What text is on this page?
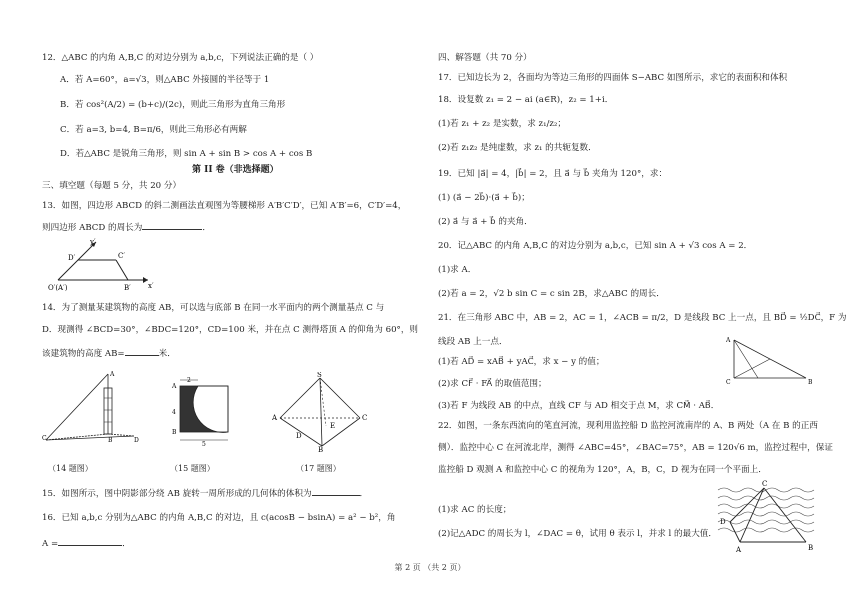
12．△ABC 的内角 A,B,C 的对边分别为 a,b,c，下列说法正确的是（ ）
A．若 A=60°，a=√3，则△ABC 外接圆的半径等于 1
B．若 cos²(A/2) = (b+c)/(2c)，则此三角形为直角三角形
C．若 a=3, b=4, B=π/6，则此三角形必有两解
D．若△ABC 是锐角三角形，则 sin A + sin B > cos A + cos B
第 II 卷（非选择题）
三、填空题（每题 5 分，共 20 分）
13．如图，四边形 ABCD 的斜二测画法直观图为等腰梯形 A′B′C′D′，已知 A′B′=6，C′D′=4，
则四边形 ABCD 的周长为	．
14．为了测量某建筑物的高度 AB，可以选与底部 B 在同一水平面内的两个测量基点 C 与
D．现测得 ∠BCD=30°，∠BDC=120°，CD=100 米，并在点 C 测得塔顶 A 的仰角为 60°，则
该建筑物的高度 AB=	米．
15．如图所示，图中阴影部分绕 AB 旋转一周所形成的几何体的体积为	．
16．已知 a,b,c 分别为△ABC 的内角 A,B,C 的对边，且 c(acosB − bsinA) = a² − b²，角
A =	．
y′
D′	C′
O′(A′)	B′ x′
A
B
C	D
2
4
5
A
B
S
A	C
B
D
E
（14 题图）	（15 题图）	（17 题图）
四、解答题（共 70 分）
17．已知边长为 2，各面均为等边三角形的四面体 S−ABC 如图所示，求它的表面积和体积
18．设复数 z₁ = 2 − ai (a∈R)，z₂ = 1+i．
(1)若 z₁ + z₂ 是实数，求 z₁/z₂；
(2)若 z₁z₂ 是纯虚数，求 z₁ 的共轭复数．
19．已知 |a⃗| = 4，|b⃗| = 2，且 a⃗ 与 b⃗ 夹角为 120°，求：
(1) (a⃗ − 2b⃗)·(a⃗ + b⃗)；
(2) a⃗ 与 a⃗ + b⃗ 的夹角．
20．记△ABC 的内角 A,B,C 的对边分别为 a,b,c，已知 sin A + √3 cos A = 2．
(1)求 A．
(2)若 a = 2，√2 b sin C = c sin 2B，求△ABC 的周长．
21．在三角形 ABC 中，AB = 2，AC = 1，∠ACB = π/2，D 是线段 BC 上一点，且 BD⃗ = ½DC⃗，F 为
线段 AB 上一点．
(1)若 AD⃗ = xAB⃗ + yAC⃗，求 x − y 的值；
(2)求 CF⃗ · FA⃗ 的取值范围；
(3)若 F 为线段 AB 的中点，直线 CF 与 AD 相交于点 M，求 CM⃗ · AB⃗．
22．如图，一条东西流向的笔直河流，现利用监控船 D 监控河流南岸的 A、B 两处（A 在 B 的正西
侧）．监控中心 C 在河流北岸，测得 ∠ABC=45°，∠BAC=75°，AB = 120√6 m，监控过程中，保证
监控船 D 观测 A 和监控中心 C 的视角为 120°，A，B，C，D 视为在同一个平面上．
(1)求 AC 的长度；
(2)记△ADC 的周长为 l，∠DAC = θ，试用 θ 表示 l，并求 l 的最大值．
A
C	B
C
D
A	B
第 2 页 （共 2 页）
